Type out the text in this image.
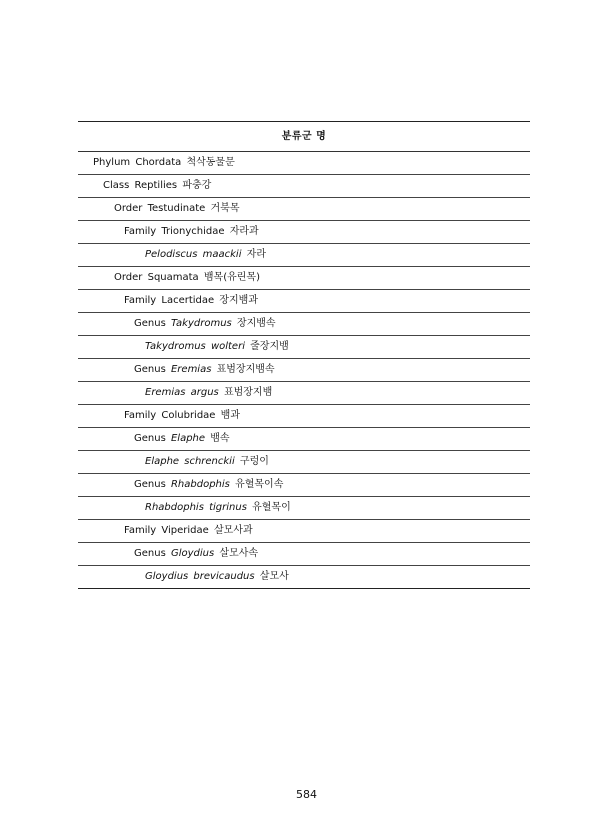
분류군 명
Phylum Chordata 척삭동물문
Class Reptilies 파충강
Order Testudinate 거북목
Family Trionychidae 자라과
Pelodiscus maackii 자라
Order Squamata 뱀목(유린목)
Family Lacertidae 장지뱀과
Genus Takydromus 장지뱀속
Takydromus wolteri 줄장지뱀
Genus Eremias 표범장지뱀속
Eremias argus 표범장지뱀
Family Colubridae 뱀과
Genus Elaphe 뱀속
Elaphe schrenckii 구렁이
Genus Rhabdophis 유혈목이속
Rhabdophis tigrinus 유혈목이
Family Viperidae 살모사과
Genus Gloydius 살모사속
Gloydius brevicaudus 살모사
584
